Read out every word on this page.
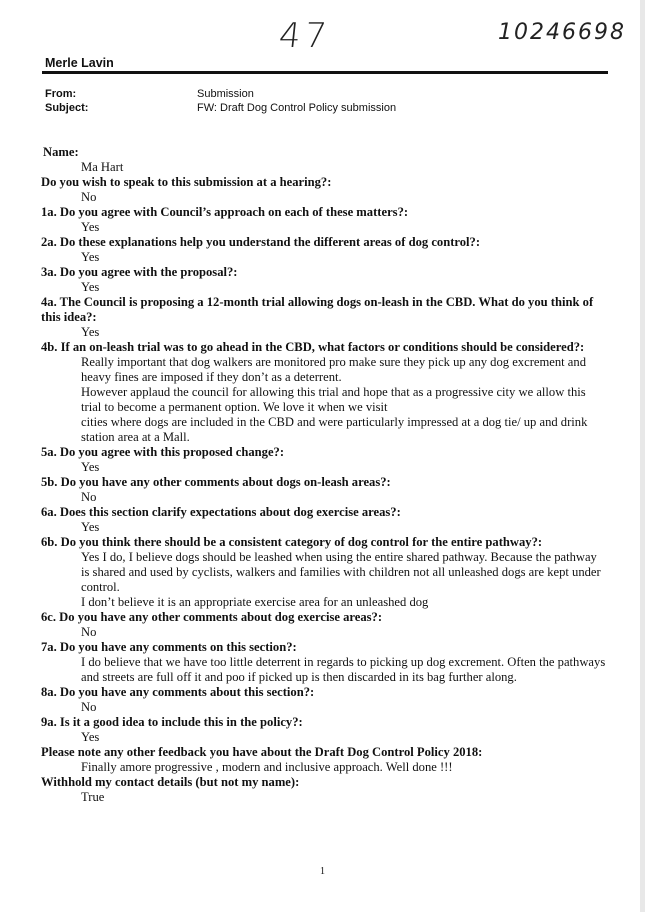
47	10246698
Merle Lavin
From:	Submission
Subject:	FW: Draft Dog Control Policy submission

Name:

Ma Hart

Do you wish to speak to this submission at a hearing?:

No

1a. Do you agree with Council’s approach on each of these matters?:

Yes

2a. Do these explanations help you understand the different areas of dog control?:

Yes

3a. Do you agree with the proposal?:

Yes

4a. The Council is proposing a 12-month trial allowing dogs on-leash in the CBD. What do you think of this idea?:

Yes

4b. If an on-leash trial was to go ahead in the CBD, what factors or conditions should be considered?:

Really important that dog walkers are monitored pro make sure they pick up any dog excrement and heavy fines are imposed if they don’t as a deterrent.

However applaud the council for allowing this trial and hope that as a progressive city we allow this trial to become a permanent option. We love it when we visit

cities where dogs are included in the CBD and were particularly impressed at a dog tie/ up and drink station area at a Mall.

5a. Do you agree with this proposed change?:

Yes

5b. Do you have any other comments about dogs on-leash areas?:

No

6a. Does this section clarify expectations about dog exercise areas?:

Yes

6b. Do you think there should be a consistent category of dog control for the entire pathway?:

Yes I do, I believe dogs should be leashed when using the entire shared pathway. Because the pathway is shared and used by cyclists, walkers and families with children not all unleashed dogs are kept under control.

I don’t believe it is an appropriate exercise area for an unleashed dog

6c. Do you have any other comments about dog exercise areas?:

No

7a. Do you have any comments on this section?:

I do believe that we have too little deterrent in regards to picking up dog excrement. Often the pathways and streets are full off it and poo if picked up is then discarded in its bag further along.

8a. Do you have any comments about this section?:

No

9a. Is it a good idea to include this in the policy?:

Yes

Please note any other feedback you have about the Draft Dog Control Policy 2018:

Finally amore progressive , modern and inclusive approach. Well done !!!

Withhold my contact details (but not my name):

True

1
